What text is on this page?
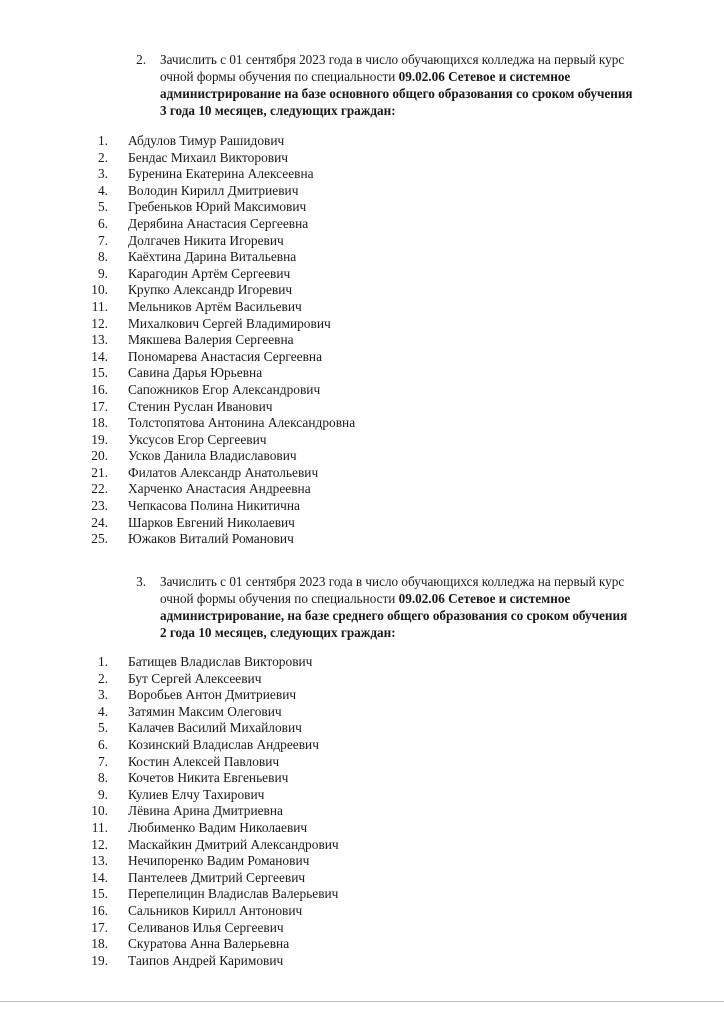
2. Зачислить с 01 сентября 2023 года в число обучающихся колледжа на первый курс
очной формы обучения по специальности 09.02.06 Сетевое и системное
администрирование на базе основного общего образования со сроком обучения
3 года 10 месяцев, следующих граждан:
1. Абдулов Тимур Рашидович
2. Бендас Михаил Викторович
3. Буренина Екатерина Алексеевна
4. Володин Кирилл Дмитриевич
5. Гребеньков Юрий Максимович
6. Дерябина Анастасия Сергеевна
7. Долгачев Никита Игоревич
8. Каёхтина Дарина Витальевна
9. Карагодин Артём Сергеевич
10. Крупко Александр Игоревич
11. Мельников Артём Васильевич
12. Михалкович Сергей Владимирович
13. Мякшева Валерия Сергеевна
14. Пономарева Анастасия Сергеевна
15. Савина Дарья Юрьевна
16. Сапожников Егор Александрович
17. Стенин Руслан Иванович
18. Толстопятова Антонина Александровна
19. Уксусов Егор Сергеевич
20. Усков Данила Владиславович
21. Филатов Александр Анатольевич
22. Харченко Анастасия Андреевна
23. Чепкасова Полина Никитична
24. Шарков Евгений Николаевич
25. Южаков Виталий Романович
3. Зачислить с 01 сентября 2023 года в число обучающихся колледжа на первый курс
очной формы обучения по специальности 09.02.06 Сетевое и системное
администрирование, на базе среднего общего образования со сроком обучения
2 года 10 месяцев, следующих граждан:
1. Батищев Владислав Викторович
2. Бут Сергей Алексеевич
3. Воробьев Антон Дмитриевич
4. Затямин Максим Олегович
5. Калачев Василий Михайлович
6. Козинский Владислав Андреевич
7. Костин Алексей Павлович
8. Кочетов Никита Евгеньевич
9. Кулиев Елчу Тахирович
10. Лёвина Арина Дмитриевна
11. Любименко Вадим Николаевич
12. Маскайкин Дмитрий Александрович
13. Нечипоренко Вадим Романович
14. Пантелеев Дмитрий Сергеевич
15. Перепелицин Владислав Валерьевич
16. Сальников Кирилл Антонович
17. Селиванов Илья Сергеевич
18. Скуратова Анна Валерьевна
19. Таипов Андрей Каримович
